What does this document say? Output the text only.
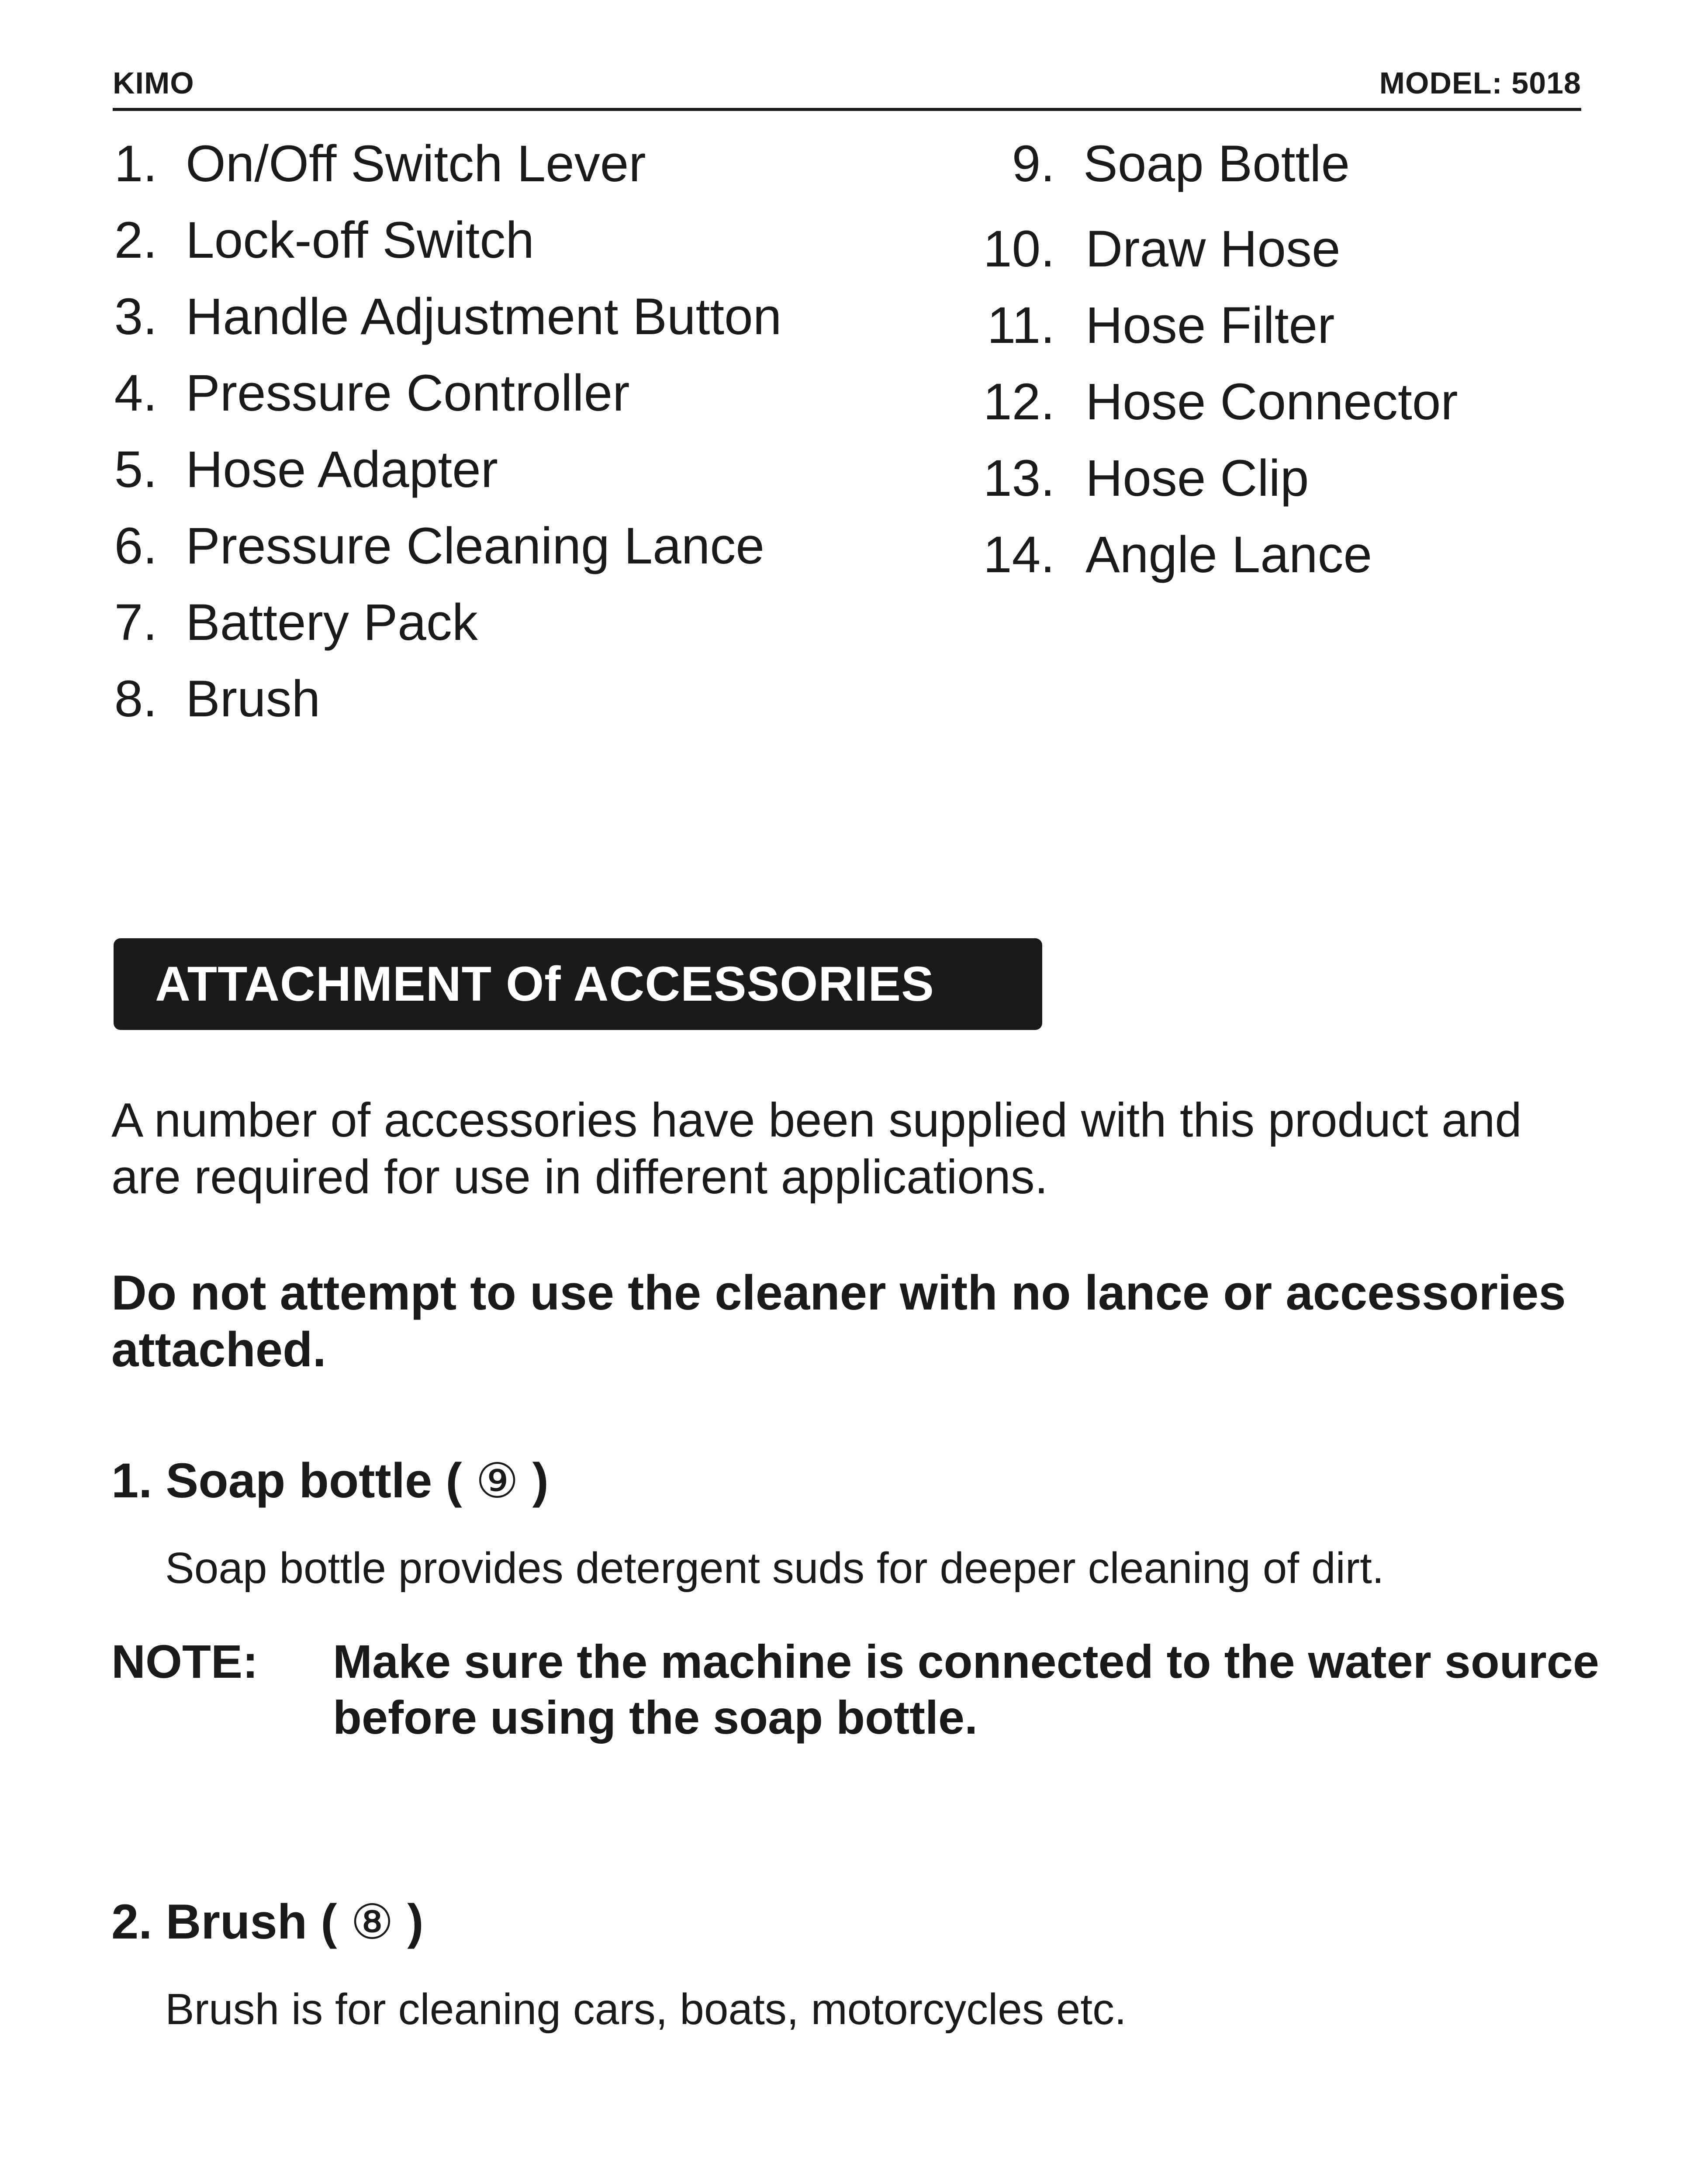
KIMO	MODEL: 5018
1. On/Off Switch Lever
2. Lock-off Switch
3. Handle Adjustment Button
4. Pressure Controller
5. Hose Adapter
6. Pressure Cleaning Lance
7. Battery Pack
8. Brush
9. Soap Bottle
10. Draw Hose
11. Hose Filter
12. Hose Connector
13. Hose Clip
14. Angle Lance
ATTACHMENT Of ACCESSORIES
A number of accessories have been supplied with this product and are required for use in different applications.
Do not attempt to use the cleaner with no lance or accessories attached.
1. Soap bottle ( ⑨ )
Soap bottle provides detergent suds for deeper cleaning of dirt.
NOTE: Make sure the machine is connected to the water source before using the soap bottle.
2. Brush ( ⑧ )
Brush is for cleaning cars, boats, motorcycles etc.
